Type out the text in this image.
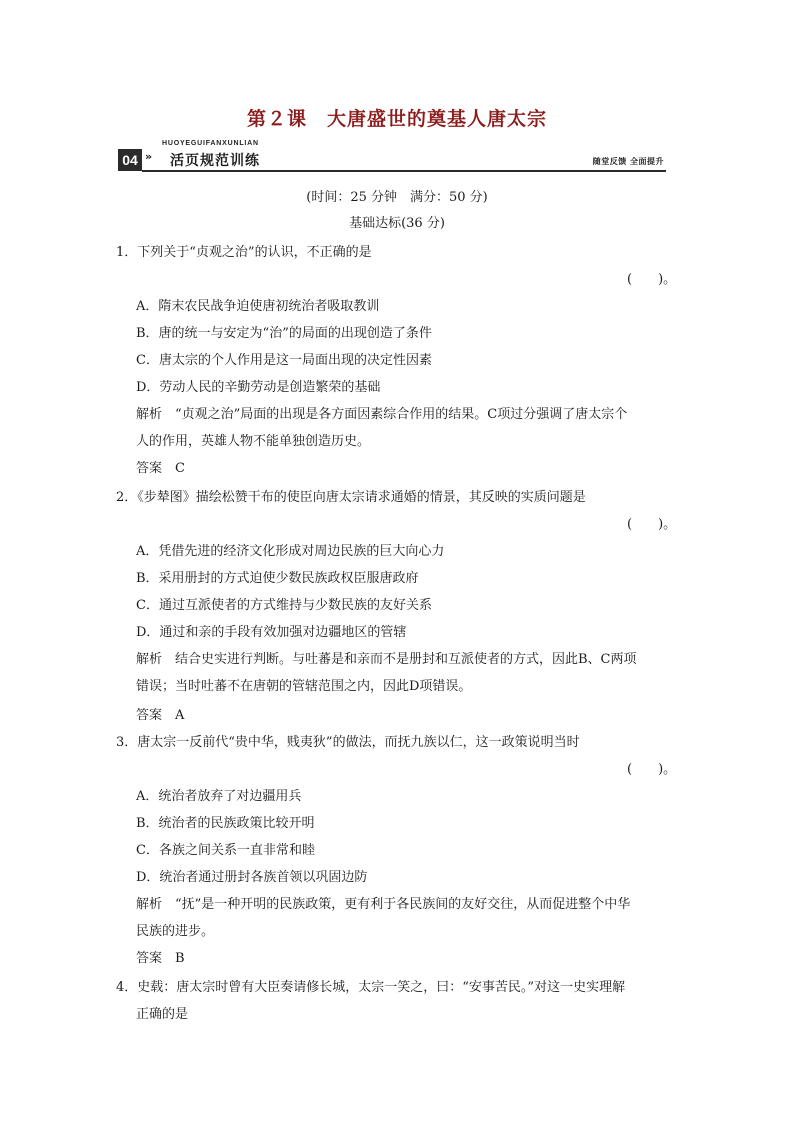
第２课　大唐盛世的奠基人唐太宗
HUOYEGUIFANXUNLIAN
04 » 活页规范训练	随堂反馈 全面提升
(时间：25 分钟　满分：50 分)
基础达标(36 分)
1．下列关于“贞观之治”的认识，不正确的是
(　　)。
A．隋末农民战争迫使唐初统治者吸取教训
B．唐的统一与安定为“治”的局面的出现创造了条件
C．唐太宗的个人作用是这一局面出现的决定性因素
D．劳动人民的辛勤劳动是创造繁荣的基础
解析　“贞观之治”局面的出现是各方面因素综合作用的结果。C项过分强调了唐太宗个
人的作用，英雄人物不能单独创造历史。
答案　C
2．《步辇图》描绘松赞干布的使臣向唐太宗请求通婚的情景，其反映的实质问题是
(　　)。
A．凭借先进的经济文化形成对周边民族的巨大向心力
B．采用册封的方式迫使少数民族政权臣服唐政府
C．通过互派使者的方式维持与少数民族的友好关系
D．通过和亲的手段有效加强对边疆地区的管辖
解析　结合史实进行判断。与吐蕃是和亲而不是册封和互派使者的方式，因此B、C两项
错误；当时吐蕃不在唐朝的管辖范围之内，因此D项错误。
答案　A
3．唐太宗一反前代“贵中华，贱夷狄”的做法，而抚九族以仁，这一政策说明当时
(　　)。
A．统治者放弃了对边疆用兵
B．统治者的民族政策比较开明
C．各族之间关系一直非常和睦
D．统治者通过册封各族首领以巩固边防
解析　“抚”是一种开明的民族政策，更有利于各民族间的友好交往，从而促进整个中华
民族的进步。
答案　B
4．史载：唐太宗时曾有大臣奏请修长城，太宗一笑之，曰：“安事苦民。”对这一史实理解
正确的是
